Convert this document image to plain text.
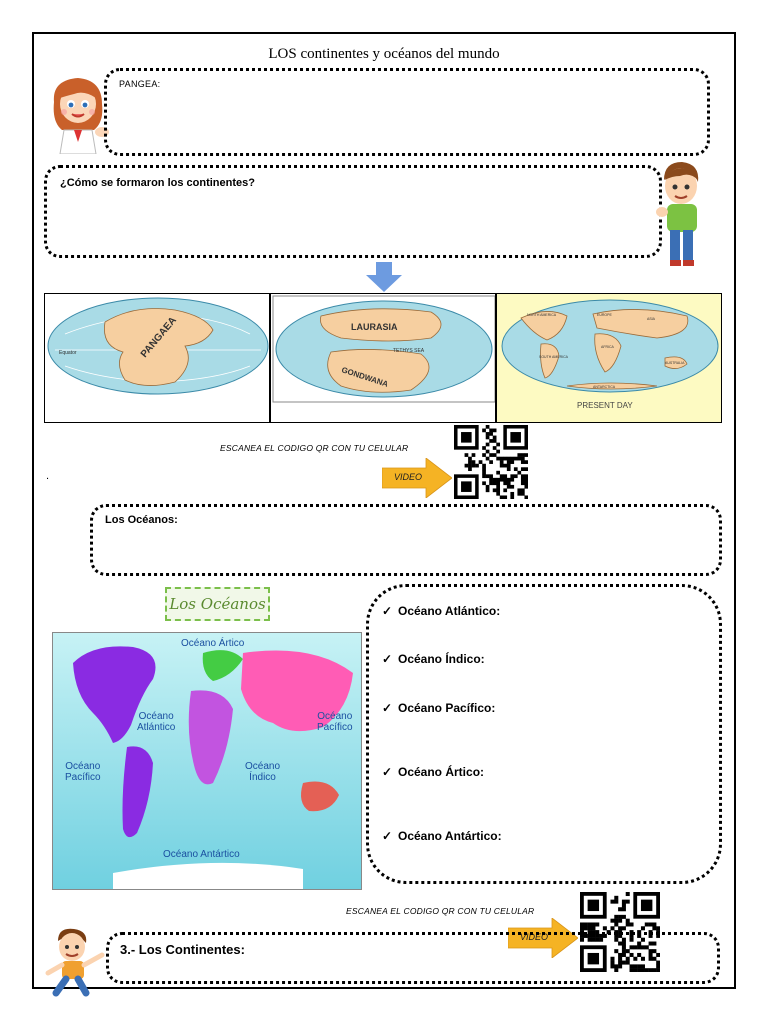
LOS continentes y océanos del mundo
PANGEA:
¿Cómo se formaron los continentes?
PANGAEA
Equator
LAURASIA
GONDWANA
TETHYS SEA
NORTH AMERICA	EUROPE
ASIA
AFRICA
SOUTH AMERICA
AUSTRALIA
ANTARCTICA
PRESENT DAY
ESCANEA EL CODIGO QR CON TU CELULAR
.	VIDEO
Los Océanos:
Los Océanos
Océano Ártico
Océano
Atlántico
Océano
Pacífico
Océano
Pacífico
Océano
Índico
Océano Antártico
✓ Océano Atlántico:
✓ Océano Índico:
✓ Océano Pacífico:
✓ Océano Ártico:
✓ Océano Antártico:
ESCANEA EL CODIGO QR CON TU CELULAR
VIDEO
3.- Los Continentes:
